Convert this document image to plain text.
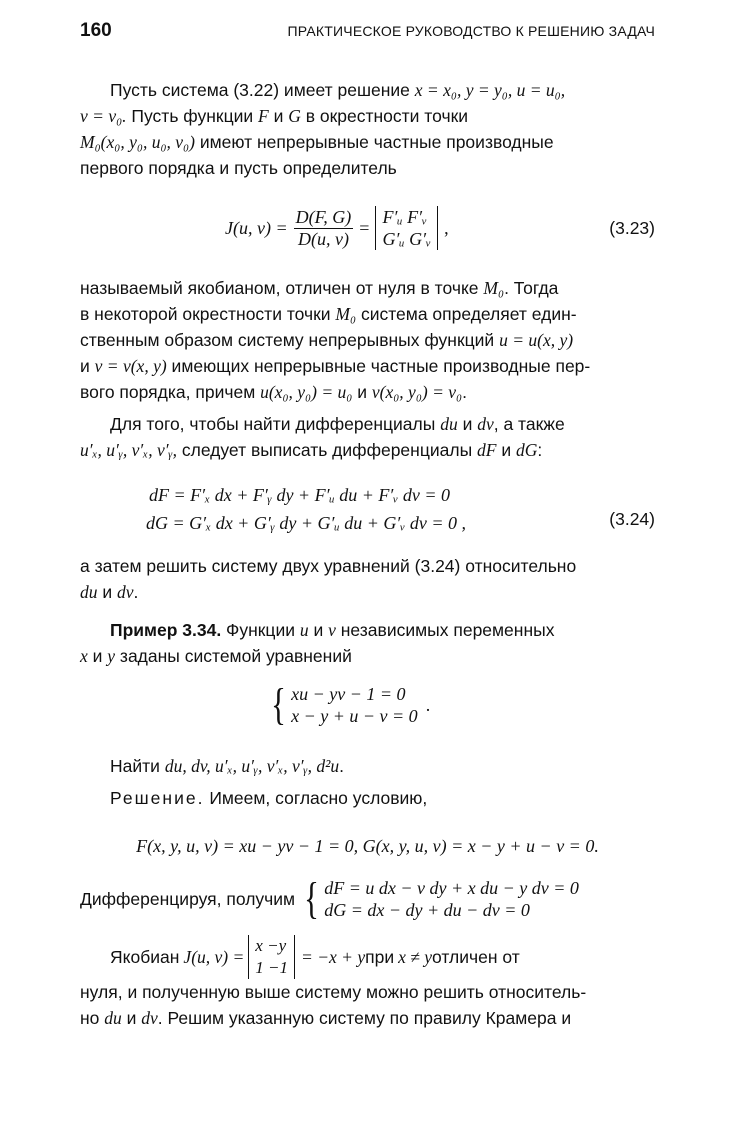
160	ПРАКТИЧЕСКОЕ РУКОВОДСТВО К РЕШЕНИЮ ЗАДАЧ

Пусть система (3.22) имеет решение x = x₀, y = y₀, u = u₀,

v = v₀. Пусть функции F и G в окрестности точки

M₀(x₀, y₀, u₀, v₀) имеют непрерывные частные производные

первого порядка и пусть определитель

J(u, $v) = \frac{D(F, G)}{D(u, v)}$ =
F′ᵤ F′ᵥ
G′ᵤ G′ᵥ
,	(3.23)

называемый якобианом, отличен от нуля в точке M₀. Тогда

в некоторой окрестности точки M₀ система определяет един-

ственным образом систему непрерывных функций u = u(x, y)

и v = v(x, y) имеющих непрерывные частные производные пер-

вого порядка, причем u(x₀, y₀) = u₀ и v(x₀, y₀) = v₀.

Для того, чтобы найти дифференциалы du и dv, а также

u′ₓ, u′ᵧ, v′ₓ, v′ᵧ, следует выписать дифференциалы dF и dG:

dF = F′ₓ dx + F′ᵧ dy + F′ᵤ du + F′ᵥ dv = 0
dG = G′ₓ dx + G′ᵧ dy + G′ᵤ du + G′ᵥ dv = 0 ,	(3.24)

а затем решить систему двух уравнений (3.24) относительно

du и dv.

Пример 3.34. Функции u и v независимых переменных

x и y заданы системой уравнений

{ xu − yv − 1 = 0
x − y + u − v = 0
.

Найти du, dv, u′ₓ, u′ᵧ, v′ₓ, v′ᵧ, d²u.

Решение. Имеем, согласно условию,

F(x, y, u, v) = xu − yv − 1 = 0, G(x, y, u, v) = x − y + u − v = 0.
Дифференцируя, получим { dF = u dx − v dy + x du − y dv = 0
dG = dx − dy + du − dv = 0
Якобиан J(u, v) =
x −y
1 −1
= −x + y при x ≠ y отличен от

нуля, и полученную выше систему можно решить относитель-

но du и dv. Решим указанную систему по правилу Крамера и
